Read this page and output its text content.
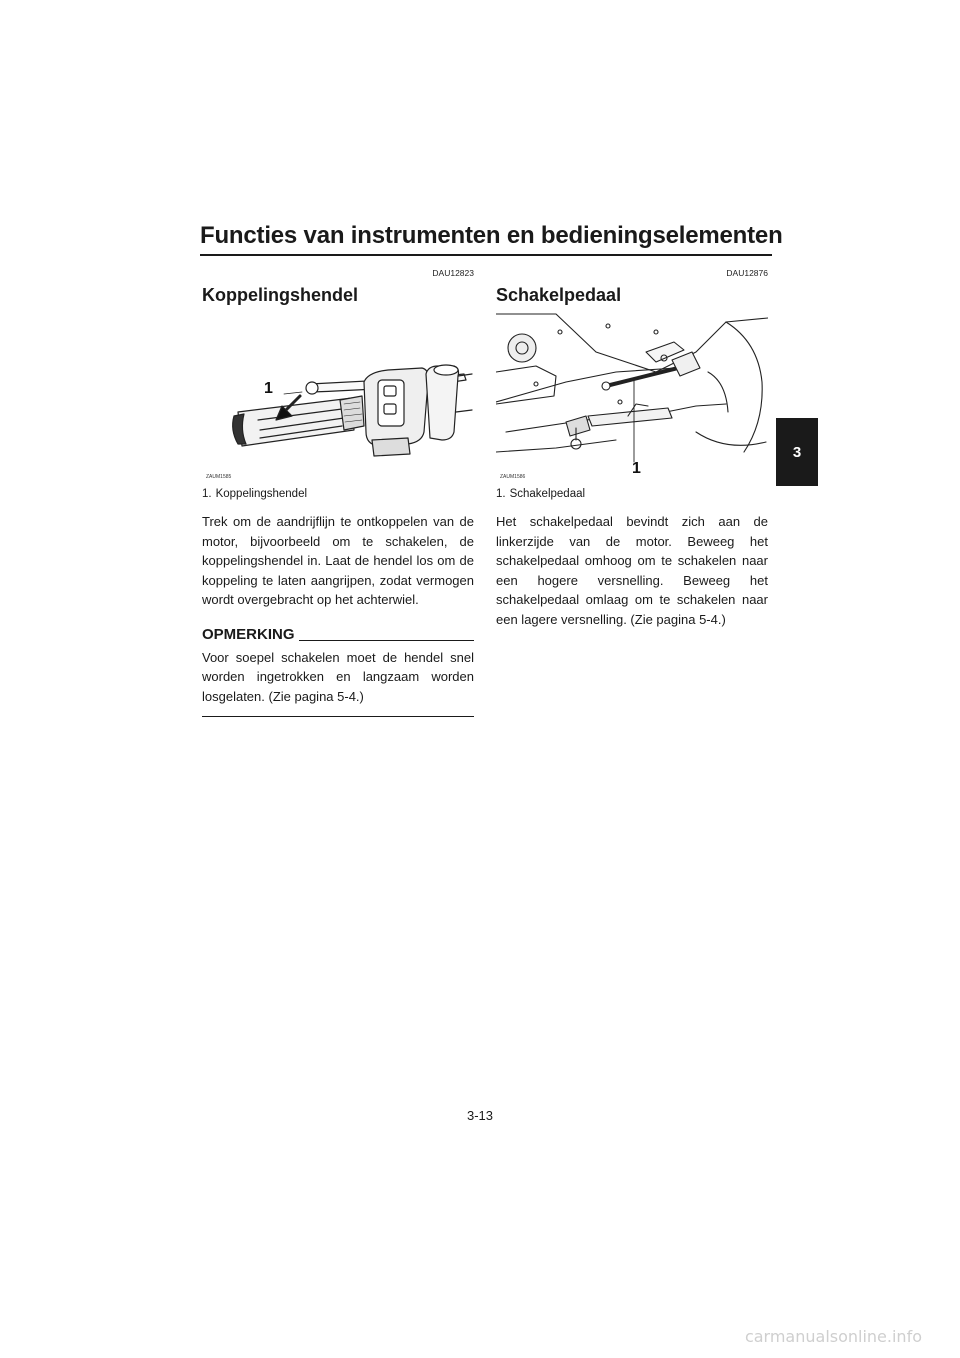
Functies van instrumenten en bedieningselementen
3
DAU12823
Koppelingshendel
1
ZAUM1585
1. Koppelingshendel
Trek om de aandrijflijn te ontkoppelen van de motor, bijvoorbeeld om te schakelen, de koppelingshendel in. Laat de hendel los om de koppeling te laten aangrijpen, zodat vermogen wordt overgebracht op het achterwiel.
OPMERKING
Voor soepel schakelen moet de hendel snel worden ingetrokken en langzaam worden losgelaten. (Zie pagina 5-4.)
DAU12876
Schakelpedaal
1
ZAUM1586
1. Schakelpedaal
Het schakelpedaal bevindt zich aan de linkerzijde van de motor. Beweeg het schakelpedaal omhoog om te schakelen naar een hogere versnelling. Beweeg het schakelpedaal omlaag om te schakelen naar een lagere versnelling. (Zie pagina 5-4.)
3-13
carmanualsonline.info
